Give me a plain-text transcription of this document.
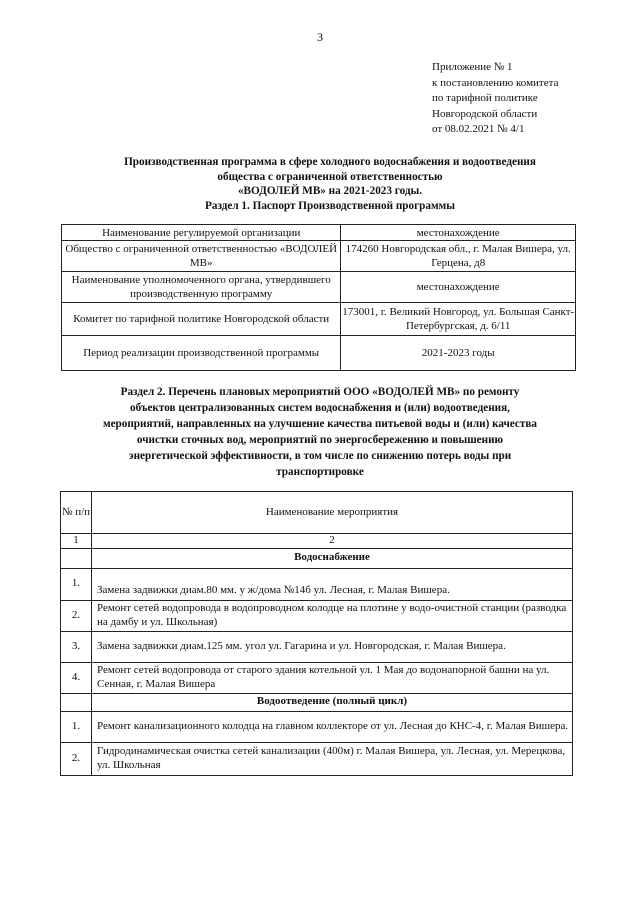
3
Приложение № 1
к постановлению комитета
по тарифной политике
Новгородской области
от 08.02.2021 № 4/1
Производственная программа в сфере холодного водоснабжения и водоотведения
общества с ограниченной ответственностью
«ВОДОЛЕЙ МВ» на 2021-2023 годы.
Раздел 1. Паспорт Производственной программы
Наименование регулируемой организации	местонахождение
Общество с ограниченной ответственностью «ВОДОЛЕЙ МВ»	174260 Новгородская обл., г. Малая Вишера, ул. Герцена, д8
Наименование уполномоченного органа, утвердившего производственную программу	местонахождение
Комитет по тарифной политике Новгородской области	173001, г. Великий Новгород, ул. Большая Санкт-Петербургская, д. 6/11
Период реализации производственной программы	2021-2023 годы
Раздел 2. Перечень плановых мероприятий ООО «ВОДОЛЕЙ МВ» по ремонту
объектов централизованных систем водоснабжения и (или) водоотведения,
мероприятий, направленных на улучшение качества питьевой воды и (или) качества
очистки сточных вод, мероприятий по энергосбережению и повышению
энергетической эффективности, в том числе по снижению потерь воды при
транспортировке
№ п/п	Наименование мероприятия
1	2
	Водоснабжение
1.	Замена задвижки диам.80 мм. у ж/дома №14б ул. Лесная, г. Малая Вишера.
2.	Ремонт сетей водопровода в водопроводном колодце на плотине у водо-очистной станции (разводка на дамбу и ул. Школьная)
3.	Замена задвижки диам.125 мм. угол ул. Гагарина и ул. Новгородская, г. Малая Вишера.
4.	Ремонт сетей водопровода от старого здания котельной ул. 1 Мая до водонапорной башни на ул. Сенная, г. Малая Вишера
	Водоотведение (полный цикл)
1.	Ремонт канализационного колодца на главном коллекторе от ул. Лесная до КНС-4, г. Малая Вишера.
2.	Гидродинамическая очистка сетей канализации (400м) г. Малая Вишера, ул. Лесная, ул. Мерецкова, ул. Школьная
